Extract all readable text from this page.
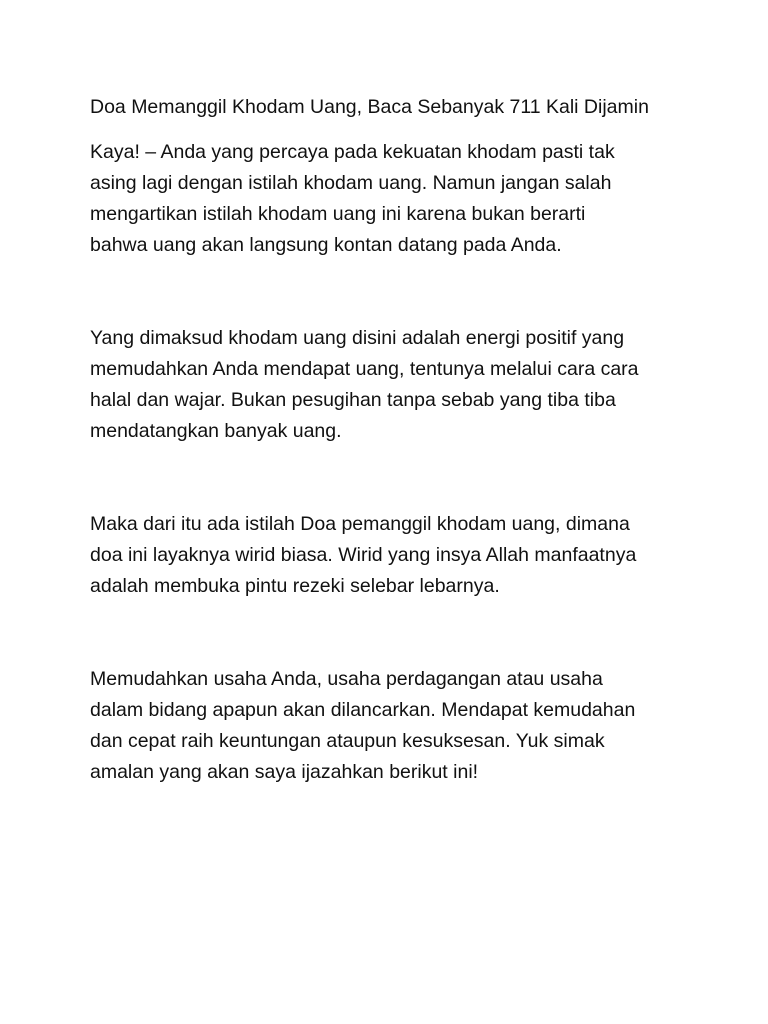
Doa Memanggil Khodam Uang, Baca Sebanyak 711 Kali Dijamin
Kaya! – Anda yang percaya pada kekuatan khodam pasti tak
asing lagi dengan istilah khodam uang. Namun jangan salah
mengartikan istilah khodam uang ini karena bukan berarti
bahwa uang akan langsung kontan datang pada Anda.
Yang dimaksud khodam uang disini adalah energi positif yang
memudahkan Anda mendapat uang, tentunya melalui cara cara
halal dan wajar. Bukan pesugihan tanpa sebab yang tiba tiba
mendatangkan banyak uang.
Maka dari itu ada istilah Doa pemanggil khodam uang, dimana
doa ini layaknya wirid biasa. Wirid yang insya Allah manfaatnya
adalah membuka pintu rezeki selebar lebarnya.
Memudahkan usaha Anda, usaha perdagangan atau usaha
dalam bidang apapun akan dilancarkan. Mendapat kemudahan
dan cepat raih keuntungan ataupun kesuksesan. Yuk simak
amalan yang akan saya ijazahkan berikut ini!
